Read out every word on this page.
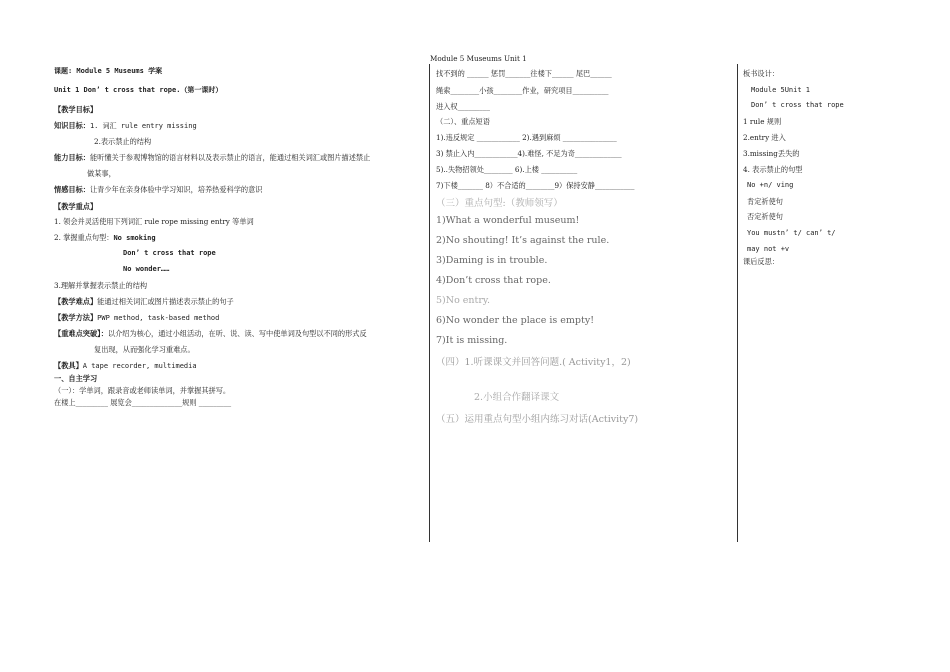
Module 5 Museums Unit 1
课题: Module 5 Museums 学案
Unit 1 Don’ t cross that rope.（第一课时）
【教学目标】
知识目标：1. 词汇 rule entry missing
2.表示禁止的结构
能力目标：能听懂关于参观博物馆的语言材料以及表示禁止的语言，能通过相关词汇或图片描述禁止
做某事，
情感目标：让青少年在亲身体验中学习知识，培养热爱科学的意识
【教学重点】
1. 领会并灵活使用下列词汇 rule rope missing entry 等单词
2. 掌握重点句型：No smoking
Don’ t cross that rope
No wonder……
3.理解并掌握表示禁止的结构
【教学难点】能通过相关词汇或图片描述表示禁止的句子
【教学方法】PWP method, task-based method
【重难点突破】：以介绍为核心，通过小组活动，在听、说、读、写中使单词及句型以不同的形式反
复出现，从而强化学习重难点。
【教具】A tape recorder, multimedia
一、自主学习
（一）：学单词，跟录音或老师读单词，并掌握其拼写。
在楼上_________ 展览会______________规则 _________
找不到的 ______ 惩罚_______往楼下______ 尾巴______
绳索________小孩________作业，研究项目__________
进入权_________
（二）、重点短语
1).违反规定 ____________ 2).遇到麻烦 _______________
3) 禁止入内____________4).难怪, 不足为奇_____________
5)..失物招领处________ 6).上楼 __________
7)下楼_______ 8）不合适的________9）保持安静___________
（三）重点句型:（教师领写）
1)What a wonderful museum!
2)No shouting! It’s against the rule.
3)Daming is in trouble.
4)Don’t cross that rope.
5)No entry.
6)No wonder the place is empty!
7)It is missing.
（四）1.听课课文并回答问题.( Activity1，2)
2.小组合作翻译课文
（五）运用重点句型小组内练习对话(Activity7)
板书设计：
Module 5Unit 1
Don’ t cross that rope
1 rule 规则
2.entry 进入
3.missing丢失的
4. 表示禁止的句型
No +n/ ving
肯定祈使句
否定祈使句
You mustn’ t/ can’ t/
may not +v
课后反思：
